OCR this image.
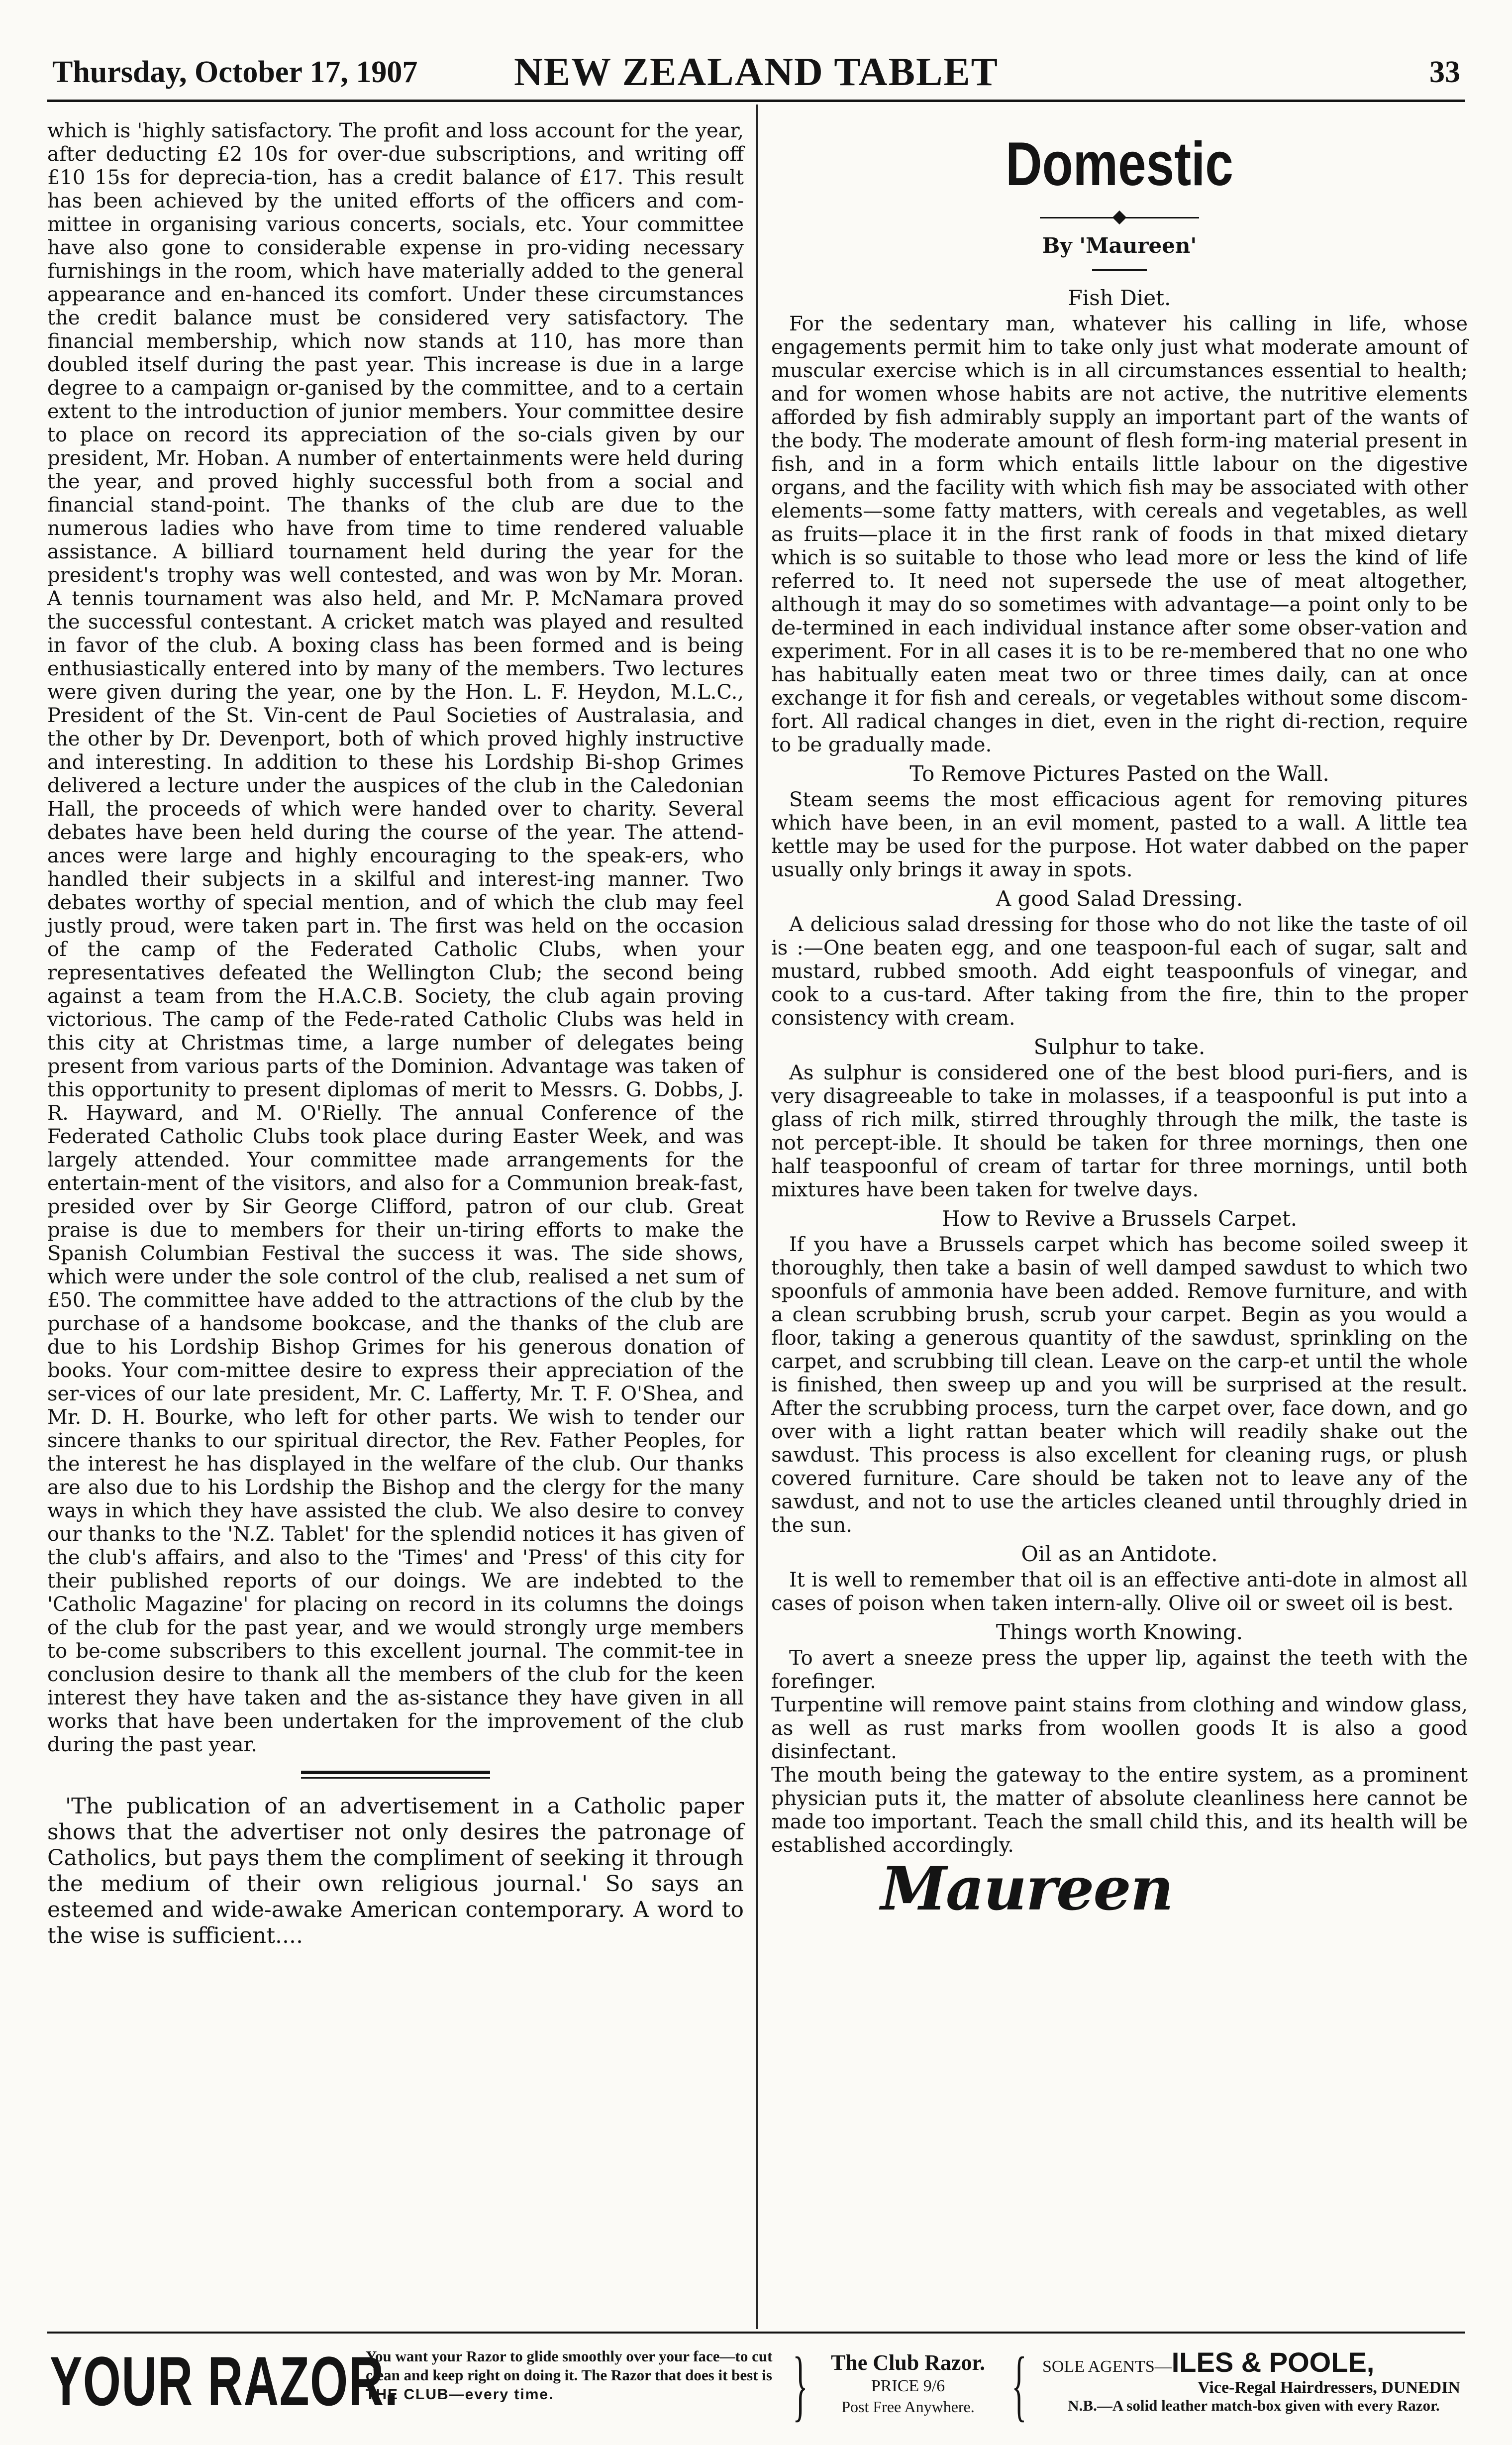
Thursday, October 17, 1907	NEW ZEALAND TABLET	33

which is 'highly satisfactory. The profit and loss account for the year, after deducting £2 10s for over-due subscriptions, and writing off £10 15s for deprecia-tion, has a credit balance of £17. This result has been achieved by the united efforts of the officers and com-mittee in organising various concerts, socials, etc. Your committee have also gone to considerable expense in pro-viding necessary furnishings in the room, which have materially added to the general appearance and en-hanced its comfort. Under these circumstances the credit balance must be considered very satisfactory. The financial membership, which now stands at 110, has more than doubled itself during the past year. This increase is due in a large degree to a campaign or-ganised by the committee, and to a certain extent to the introduction of junior members. Your committee desire to place on record its appreciation of the so-cials given by our president, Mr. Hoban. A number of entertainments were held during the year, and proved highly successful both from a social and financial stand-point. The thanks of the club are due to the numerous ladies who have from time to time rendered valuable assistance. A billiard tournament held during the year for the president's trophy was well contested, and was won by Mr. Moran. A tennis tournament was also held, and Mr. P. McNamara proved the successful contestant. A cricket match was played and resulted in favor of the club. A boxing class has been formed and is being enthusiastically entered into by many of the members. Two lectures were given during the year, one by the Hon. L. F. Heydon, M.L.C., President of the St. Vin-cent de Paul Societies of Australasia, and the other by Dr. Devenport, both of which proved highly instructive and interesting. In addition to these his Lordship Bi-shop Grimes delivered a lecture under the auspices of the club in the Caledonian Hall, the proceeds of which were handed over to charity. Several debates have been held during the course of the year. The attend-ances were large and highly encouraging to the speak-ers, who handled their subjects in a skilful and interest-ing manner. Two debates worthy of special mention, and of which the club may feel justly proud, were taken part in. The first was held on the occasion of the camp of the Federated Catholic Clubs, when your representatives defeated the Wellington Club; the second being against a team from the H.A.C.B. Society, the club again proving victorious. The camp of the Fede-rated Catholic Clubs was held in this city at Christmas time, a large number of delegates being present from various parts of the Dominion. Advantage was taken of this opportunity to present diplomas of merit to Messrs. G. Dobbs, J. R. Hayward, and M. O'Rielly. The annual Conference of the Federated Catholic Clubs took place during Easter Week, and was largely attended. Your committee made arrangements for the entertain-ment of the visitors, and also for a Communion break-fast, presided over by Sir George Clifford, patron of our club. Great praise is due to members for their un-tiring efforts to make the Spanish Columbian Festival the success it was. The side shows, which were under the sole control of the club, realised a net sum of £50. The committee have added to the attractions of the club by the purchase of a handsome bookcase, and the thanks of the club are due to his Lordship Bishop Grimes for his generous donation of books. Your com-mittee desire to express their appreciation of the ser-vices of our late president, Mr. C. Lafferty, Mr. T. F. O'Shea, and Mr. D. H. Bourke, who left for other parts. We wish to tender our sincere thanks to our spiritual director, the Rev. Father Peoples, for the interest he has displayed in the welfare of the club. Our thanks are also due to his Lordship the Bishop and the clergy for the many ways in which they have assisted the club. We also desire to convey our thanks to the 'N.Z. Tablet' for the splendid notices it has given of the club's affairs, and also to the 'Times' and 'Press' of this city for their published reports of our doings. We are indebted to the 'Catholic Magazine' for placing on record in its columns the doings of the club for the past year, and we would strongly urge members to be-come subscribers to this excellent journal. The commit-tee in conclusion desire to thank all the members of the club for the keen interest they have taken and the as-sistance they have given in all works that have been undertaken for the improvement of the club during the past year.

'The publication of an advertisement in a Catholic paper shows that the advertiser not only desires the patronage of Catholics, but pays them the compliment of seeking it through the medium of their own religious journal.' So says an esteemed and wide-awake American contemporary. A word to the wise is sufficient....

Domestic
By 'Maureen'
Fish Diet.

For the sedentary man, whatever his calling in life, whose engagements permit him to take only just what moderate amount of muscular exercise which is in all circumstances essential to health; and for women whose habits are not active, the nutritive elements afforded by fish admirably supply an important part of the wants of the body. The moderate amount of flesh form-ing material present in fish, and in a form which entails little labour on the digestive organs, and the facility with which fish may be associated with other elements—some fatty matters, with cereals and vegetables, as well as fruits—place it in the first rank of foods in that mixed dietary which is so suitable to those who lead more or less the kind of life referred to. It need not supersede the use of meat altogether, although it may do so sometimes with advantage—a point only to be de-termined in each individual instance after some obser-vation and experiment. For in all cases it is to be re-membered that no one who has habitually eaten meat two or three times daily, can at once exchange it for fish and cereals, or vegetables without some discom-fort. All radical changes in diet, even in the right di-rection, require to be gradually made.

To Remove Pictures Pasted on the Wall.

Steam seems the most efficacious agent for removing pitures which have been, in an evil moment, pasted to a wall. A little tea kettle may be used for the purpose. Hot water dabbed on the paper usually only brings it away in spots.

A good Salad Dressing.

A delicious salad dressing for those who do not like the taste of oil is :—One beaten egg, and one teaspoon-ful each of sugar, salt and mustard, rubbed smooth. Add eight teaspoonfuls of vinegar, and cook to a cus-tard. After taking from the fire, thin to the proper consistency with cream.

Sulphur to take.

As sulphur is considered one of the best blood puri-fiers, and is very disagreeable to take in molasses, if a teaspoonful is put into a glass of rich milk, stirred throughly through the milk, the taste is not percept-ible. It should be taken for three mornings, then one half teaspoonful of cream of tartar for three mornings, until both mixtures have been taken for twelve days.

How to Revive a Brussels Carpet.

If you have a Brussels carpet which has become soiled sweep it thoroughly, then take a basin of well damped sawdust to which two spoonfuls of ammonia have been added. Remove furniture, and with a clean scrubbing brush, scrub your carpet. Begin as you would a floor, taking a generous quantity of the sawdust, sprinkling on the carpet, and scrubbing till clean. Leave on the carp-et until the whole is finished, then sweep up and you will be surprised at the result. After the scrubbing process, turn the carpet over, face down, and go over with a light rattan beater which will readily shake out the sawdust. This process is also excellent for cleaning rugs, or plush covered furniture. Care should be taken not to leave any of the sawdust, and not to use the articles cleaned until throughly dried in the sun.

Oil as an Antidote.

It is well to remember that oil is an effective anti-dote in almost all cases of poison when taken intern-ally. Olive oil or sweet oil is best.

Things worth Knowing.

To avert a sneeze press the upper lip, against the teeth with the forefinger.
Turpentine will remove paint stains from clothing and window glass, as well as rust marks from woollen goods It is also a good disinfectant.
The mouth being the gateway to the entire system, as a prominent physician puts it, the matter of absolute cleanliness here cannot be made too important. Teach the small child this, and its health will be established accordingly.

Maureen
YOUR RAZOR.
You want your Razor to glide smoothly over your face—to cut clean and keep right on doing it. The Razor that does it best is THE CLUB—every time.	}	The Club Razor.
PRICE 9/6
Post Free Anywhere. { SOLE AGENTS—ILES & POOLE,
Vice-Regal Hairdressers, DUNEDIN
N.B.—A solid leather match-box given with every Razor.
